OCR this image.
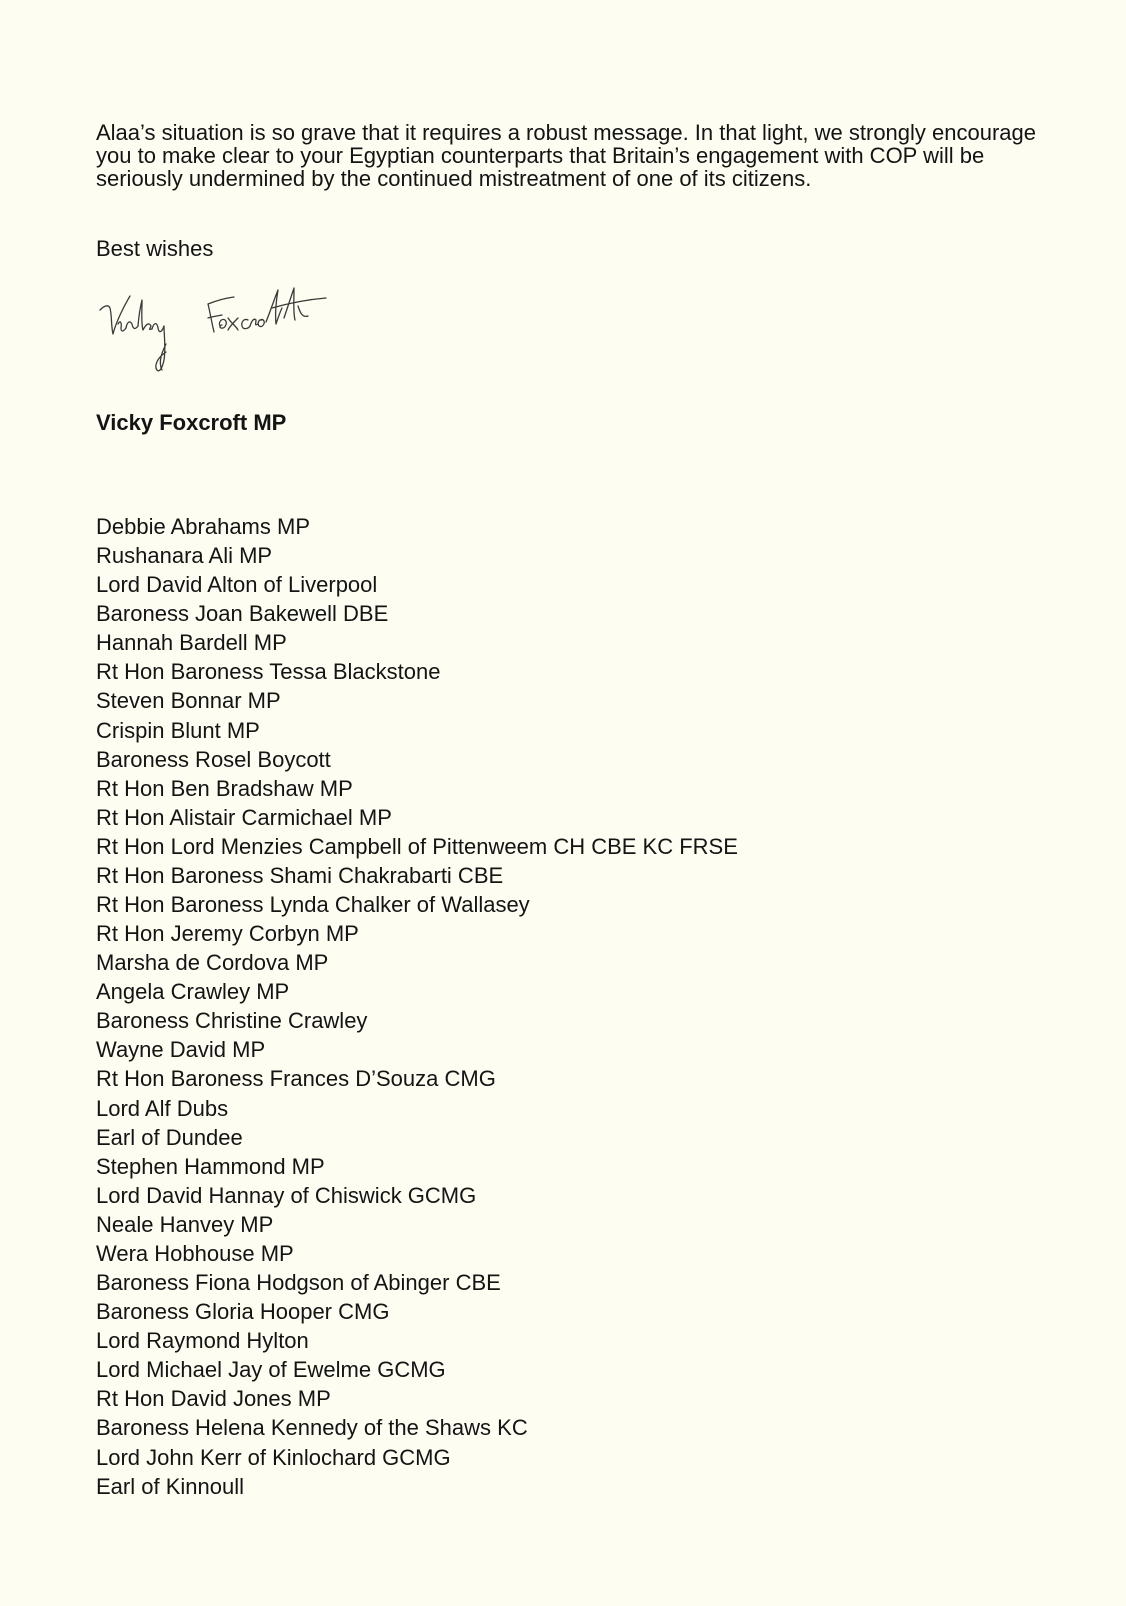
Alaa’s situation is so grave that it requires a robust message. In that light, we strongly encourage you to make clear to your Egyptian counterparts that Britain’s engagement with COP will be seriously undermined by the continued mistreatment of one of its citizens.

Best wishes

Vicky Foxcroft MP

Debbie Abrahams MP
Rushanara Ali MP
Lord David Alton of Liverpool
Baroness Joan Bakewell DBE
Hannah Bardell MP
Rt Hon Baroness Tessa Blackstone
Steven Bonnar MP
Crispin Blunt MP
Baroness Rosel Boycott
Rt Hon Ben Bradshaw MP
Rt Hon Alistair Carmichael MP
Rt Hon Lord Menzies Campbell of Pittenweem CH CBE KC FRSE
Rt Hon Baroness Shami Chakrabarti CBE
Rt Hon Baroness Lynda Chalker of Wallasey
Rt Hon Jeremy Corbyn MP
Marsha de Cordova MP
Angela Crawley MP
Baroness Christine Crawley
Wayne David MP
Rt Hon Baroness Frances D’Souza CMG
Lord Alf Dubs
Earl of Dundee
Stephen Hammond MP
Lord David Hannay of Chiswick GCMG
Neale Hanvey MP
Wera Hobhouse MP
Baroness Fiona Hodgson of Abinger CBE
Baroness Gloria Hooper CMG
Lord Raymond Hylton
Lord Michael Jay of Ewelme GCMG
Rt Hon David Jones MP
Baroness Helena Kennedy of the Shaws KC
Lord John Kerr of Kinlochard GCMG
Earl of Kinnoull
